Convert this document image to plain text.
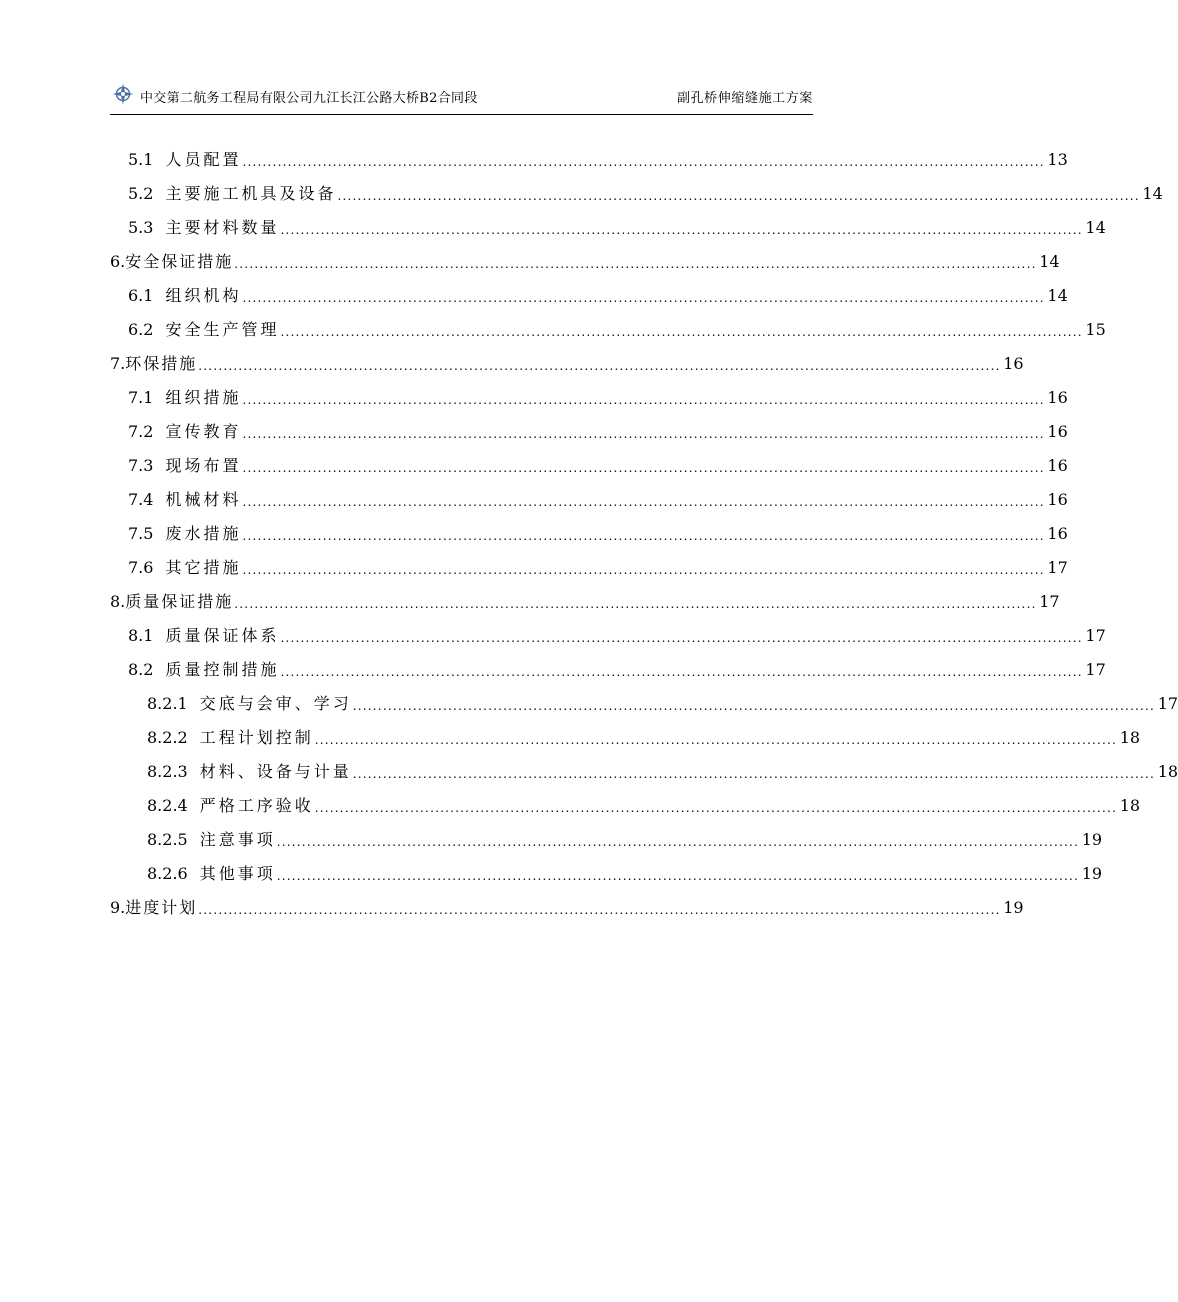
中交第二航务工程局有限公司九江长江公路大桥B2合同段	副孔桥伸缩缝施工方案
5.1 人员配置 ................................................................................................................................................................ 13
5.2 主要施工机具及设备 ................................................................................................................................................................ 14
5.3 主要材料数量 ................................................................................................................................................................ 14
6. 安全保证措施 ................................................................................................................................................................ 14
6.1 组织机构 ................................................................................................................................................................ 14
6.2 安全生产管理 ................................................................................................................................................................ 15
7. 环保措施 ................................................................................................................................................................ 16
7.1 组织措施 ................................................................................................................................................................ 16
7.2 宣传教育 ................................................................................................................................................................ 16
7.3 现场布置 ................................................................................................................................................................ 16
7.4 机械材料 ................................................................................................................................................................ 16
7.5 废水措施 ................................................................................................................................................................ 16
7.6 其它措施 ................................................................................................................................................................ 17
8. 质量保证措施 ................................................................................................................................................................ 17
8.1 质量保证体系 ................................................................................................................................................................ 17
8.2 质量控制措施 ................................................................................................................................................................ 17
8.2.1 交底与会审、学习 ................................................................................................................................................................ 17
8.2.2 工程计划控制 ................................................................................................................................................................ 18
8.2.3 材料、设备与计量 ................................................................................................................................................................ 18
8.2.4 严格工序验收 ................................................................................................................................................................ 18
8.2.5 注意事项 ................................................................................................................................................................ 19
8.2.6 其他事项 ................................................................................................................................................................ 19
9. 进度计划 ................................................................................................................................................................ 19
